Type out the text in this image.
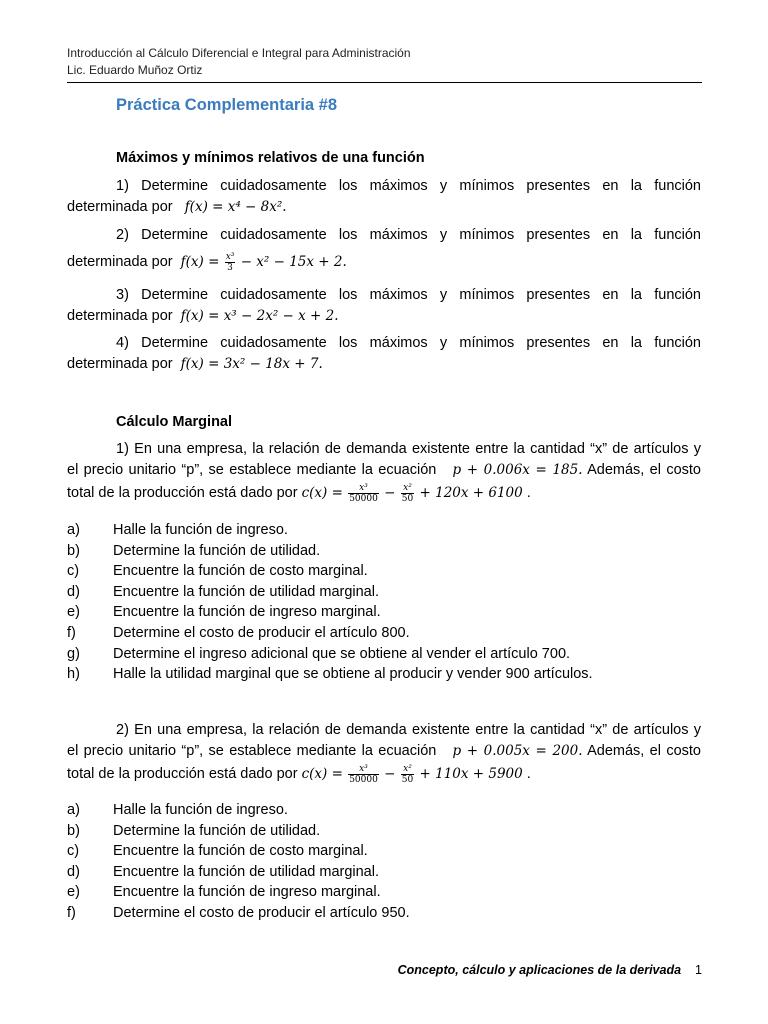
Introducción al Cálculo Diferencial e Integral para Administración
Lic. Eduardo Muñoz Ortiz
Práctica Complementaria #8
Máximos y mínimos relativos de una función
1) Determine cuidadosamente los máximos y mínimos presentes en la función
determinada por f(x) = x⁴ − 8x².
2) Determine cuidadosamente los máximos y mínimos presentes en la función
determinada por $f(x) = \frac{\text{x³}}{3} - x^2 - 15x + 2$.
3) Determine cuidadosamente los máximos y mínimos presentes en la función
determinada por f(x) = x³ − 2x² − x + 2.
4) Determine cuidadosamente los máximos y mínimos presentes en la función
determinada por f(x) = 3x² − 18x + 7.
Cálculo Marginal
1) En una empresa, la relación de demanda existente entre la cantidad “x” de artículos y
el precio unitario “p”, se establece mediante la ecuación p + 0.006x = 185. Además, el costo
total de la producción está dado por $c(x) = \frac{\text{x³}}{50000} - \frac{\text{x²}}{50} + 120x + 6100$ .
a)	Halle la función de ingreso.
b)	Determine la función de utilidad.
c)	Encuentre la función de costo marginal.
d)	Encuentre la función de utilidad marginal.
e)	Encuentre la función de ingreso marginal.
f)	Determine el costo de producir el artículo 800.
g)	Determine el ingreso adicional que se obtiene al vender el artículo 700.
h)	Halle la utilidad marginal que se obtiene al producir y vender 900 artículos.
2) En una empresa, la relación de demanda existente entre la cantidad “x” de artículos y
el precio unitario “p”, se establece mediante la ecuación p + 0.005x = 200. Además, el costo
total de la producción está dado por $c(x) = \frac{\text{x³}}{50000} - \frac{\text{x²}}{50} + 110x + 5900$ .
a)	Halle la función de ingreso.
b)	Determine la función de utilidad.
c)	Encuentre la función de costo marginal.
d)	Encuentre la función de utilidad marginal.
e)	Encuentre la función de ingreso marginal.
f)	Determine el costo de producir el artículo 950.
Concepto, cálculo y aplicaciones de la derivada 1
